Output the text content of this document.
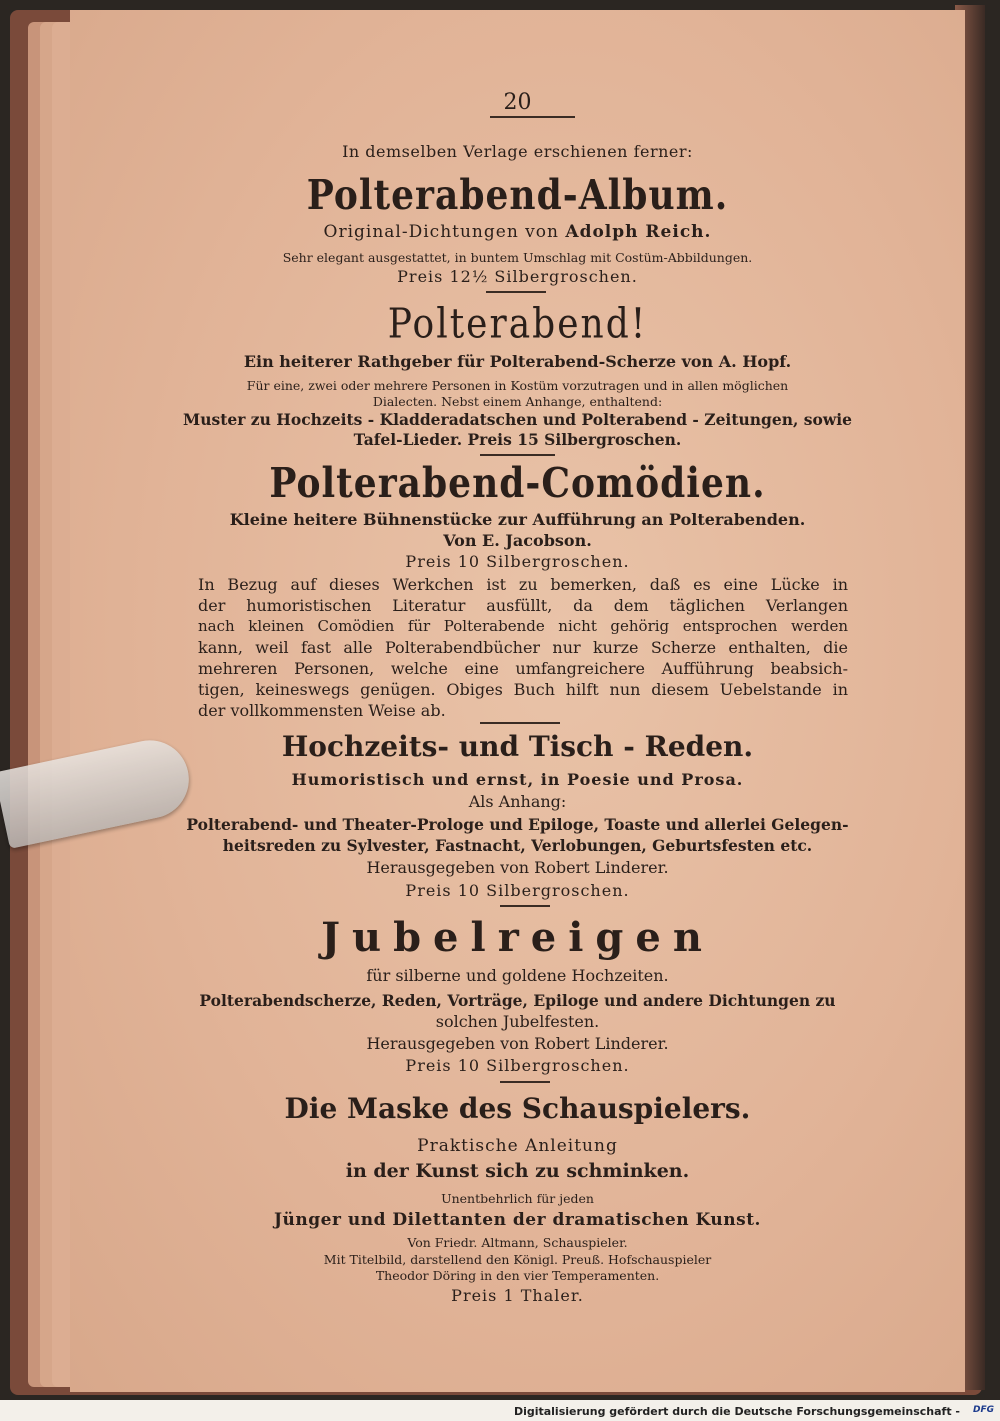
20

In demselben Verlage erschienen ferner:

Polterabend-Album.

Original-Dichtungen von Adolph Reich.

Sehr elegant ausgestattet, in buntem Umschlag mit Costüm-Abbildungen.

Preis 12½ Silbergroschen.

Polterabend!

Ein heiterer Rathgeber für Polterabend-Scherze von A. Hopf.

Für eine, zwei oder mehrere Personen in Kostüm vorzutragen und in allen möglichen

Dialecten. Nebst einem Anhange, enthaltend:

Muster zu Hochzeits - Kladderadatschen und Polterabend - Zeitungen, sowie

Tafel-Lieder. Preis 15 Silbergroschen.

Polterabend-Comödien.

Kleine heitere Bühnenstücke zur Aufführung an Polterabenden.

Von E. Jacobson.

Preis 10 Silbergroschen.

In Bezug auf dieses Werkchen ist zu bemerken, daß es eine Lücke in

der humoristischen Literatur ausfüllt, da dem täglichen Verlangen

nach kleinen Comödien für Polterabende nicht gehörig entsprochen werden

kann, weil fast alle Polterabendbücher nur kurze Scherze enthalten, die

mehreren Personen, welche eine umfangreichere Aufführung beabsich-

tigen, keineswegs genügen. Obiges Buch hilft nun diesem Uebelstande in

der vollkommensten Weise ab.

Hochzeits- und Tisch - Reden.

Humoristisch und ernst, in Poesie und Prosa.

Als Anhang:

Polterabend- und Theater-Prologe und Epiloge, Toaste und allerlei Gelegen-

heitsreden zu Sylvester, Fastnacht, Verlobungen, Geburtsfesten etc.

Herausgegeben von Robert Linderer.

Preis 10 Silbergroschen.

Jubelreigen

für silberne und goldene Hochzeiten.

Polterabendscherze, Reden, Vorträge, Epiloge und andere Dichtungen zu

solchen Jubelfesten.

Herausgegeben von Robert Linderer.

Preis 10 Silbergroschen.

Die Maske des Schauspielers.

Praktische Anleitung

in der Kunst sich zu schminken.

Unentbehrlich für jeden

Jünger und Dilettanten der dramatischen Kunst.

Von Friedr. Altmann, Schauspieler.

Mit Titelbild, darstellend den Königl. Preuß. Hofschauspieler

Theodor Döring in den vier Temperamenten.

Preis 1 Thaler.

Digitalisierung gefördert durch die Deutsche Forschungsgemeinschaft - DFG
